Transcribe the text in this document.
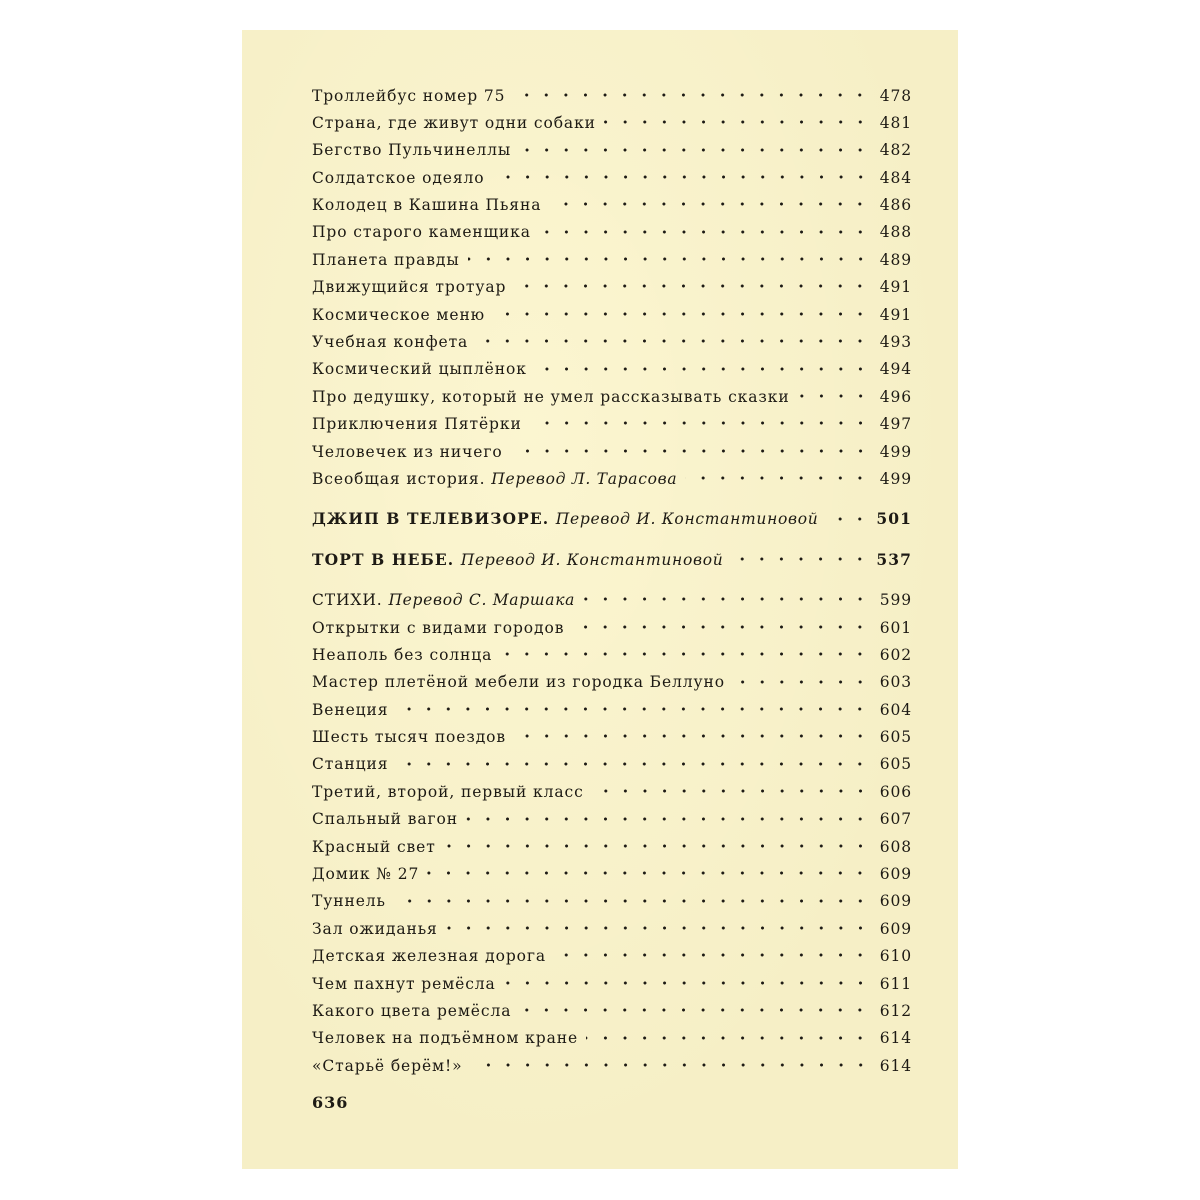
Троллейбус номер 75	478
Страна, где живут одни собаки	481
Бегство Пульчинеллы	482
Солдатское одеяло	484
Колодец в Кашина Пьяна	486
Про старого каменщика	488
Планета правды	489
Движущийся тротуар	491
Космическое меню	491
Учебная конфета	493
Космический цыплёнок	494
Про дедушку, который не умел рассказывать сказки	496
Приключения Пятёрки	497
Человечек из ничего	499
Всеобщая история. Перевод Л. Тарасова	499
ДЖИП В ТЕЛЕВИЗОРЕ. Перевод И. Константиновой	501
ТОРТ В НЕБЕ. Перевод И. Константиновой	537
СТИХИ. Перевод С. Маршака	599
Открытки с видами городов	601
Неаполь без солнца	602
Мастер плетёной мебели из городка Беллуно	603
Венеция	604
Шесть тысяч поездов	605
Станция	605
Третий, второй, первый класс	606
Спальный вагон	607
Красный свет	608
Домик № 27	609
Туннель	609
Зал ожиданья	609
Детская железная дорога	610
Чем пахнут ремёсла	611
Какого цвета ремёсла	612
Человек на подъёмном кране	614
«Старьё берём!»	614
636
